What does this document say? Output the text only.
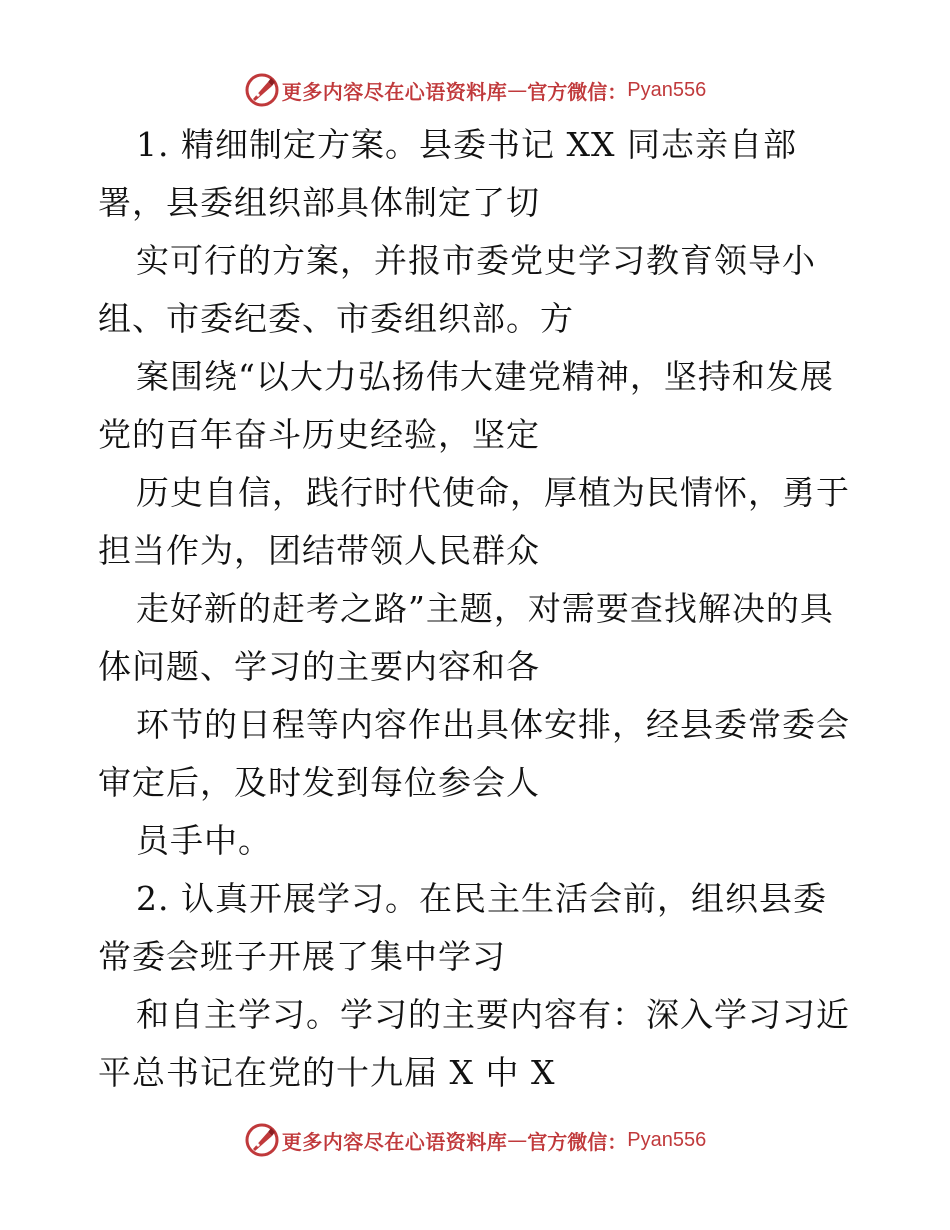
更多内容尽在心语资料库 — 官方微信： Pyan556
1. 精细制定方案。县委书记 XX 同志亲自部
署，县委组织部具体制定了切
实可行的方案，并报市委党史学习教育领导小
组、市委纪委、市委组织部。方
案围绕“以大力弘扬伟大建党精神，坚持和发展
党的百年奋斗历史经验，坚定
历史自信，践行时代使命，厚植为民情怀，勇于
担当作为，团结带领人民群众
走好新的赶考之路”主题，对需要查找解决的具
体问题、学习的主要内容和各
环节的日程等内容作出具体安排，经县委常委会
审定后，及时发到每位参会人
员手中。
2. 认真开展学习。在民主生活会前，组织县委
常委会班子开展了集中学习
和自主学习。学习的主要内容有：深入学习习近
平总书记在党的十九届 X 中 X
更多内容尽在心语资料库 — 官方微信： Pyan556
